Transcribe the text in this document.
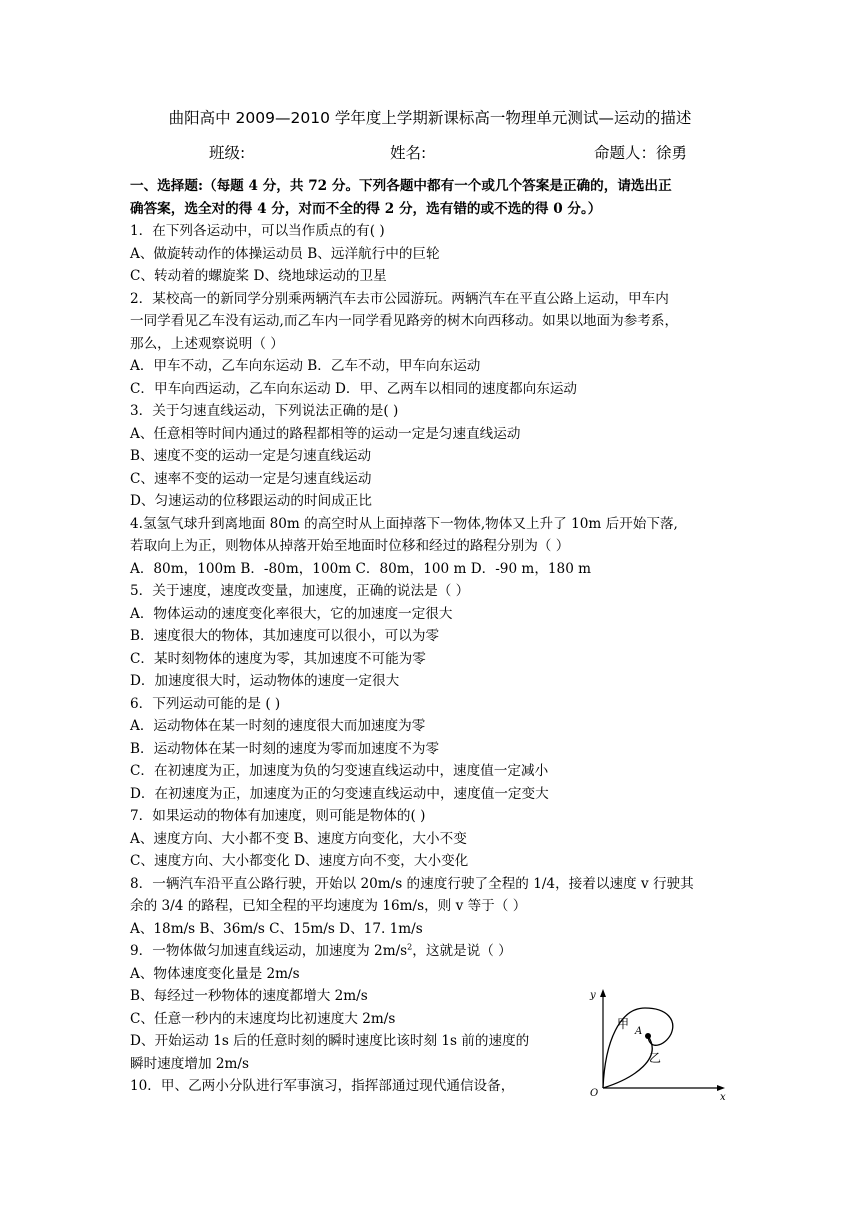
曲阳高中 2009—2010 学年度上学期新课标高一物理单元测试—运动的描述
班级:	姓名:	命题人：徐勇
一、选择题:（每题 4 分，共 72 分。下列各题中都有一个或几个答案是正确的，请选出正
确答案，选全对的得 4 分，对而不全的得 2 分，选有错的或不选的得 0 分。）
1．在下列各运动中，可以当作质点的有( )
A、做旋转动作的体操运动员 B、远洋航行中的巨轮
C、转动着的螺旋桨 D、绕地球运动的卫星
2．某校高一的新同学分别乘两辆汽车去市公园游玩。两辆汽车在平直公路上运动，甲车内
一同学看见乙车没有运动,而乙车内一同学看见路旁的树木向西移动。如果以地面为参考系，
那么，上述观察说明（ ）
A．甲车不动，乙车向东运动 B．乙车不动，甲车向东运动
C．甲车向西运动，乙车向东运动 D．甲、乙两车以相同的速度都向东运动
3．关于匀速直线运动，下列说法正确的是( )
A、任意相等时间内通过的路程都相等的运动一定是匀速直线运动
B、速度不变的运动一定是匀速直线运动
C、速率不变的运动一定是匀速直线运动
D、匀速运动的位移跟运动的时间成正比
4.氢氢气球升到离地面 80m 的高空时从上面掉落下一物体,物体又上升了 10m 后开始下落,
若取向上为正，则物体从掉落开始至地面时位移和经过的路程分别为（ ）
A．80m，100m B．-80m，100m C．80m，100 m D．-90 m，180 m
5．关于速度，速度改变量，加速度，正确的说法是（ ）
A．物体运动的速度变化率很大，它的加速度一定很大
B．速度很大的物体，其加速度可以很小，可以为零
C．某时刻物体的速度为零，其加速度不可能为零
D．加速度很大时，运动物体的速度一定很大
6．下列运动可能的是 ( )
A．运动物体在某一时刻的速度很大而加速度为零
B．运动物体在某一时刻的速度为零而加速度不为零
C．在初速度为正，加速度为负的匀变速直线运动中，速度值一定减小
D．在初速度为正，加速度为正的匀变速直线运动中，速度值一定变大
7．如果运动的物体有加速度，则可能是物体的( )
A、速度方向、大小都不变 B、速度方向变化，大小不变
C、速度方向、大小都变化 D、速度方向不变，大小变化
8．一辆汽车沿平直公路行驶，开始以 20m/s 的速度行驶了全程的 1/4，接着以速度 v 行驶其
余的 3/4 的路程，已知全程的平均速度为 16m/s，则 v 等于（ ）
A、18m/s B、36m/s C、15m/s D、17. 1m/s
9．一物体做匀加速直线运动，加速度为 $2m/s^2$，这就是说（ ）
A、物体速度变化量是 2m/s
B、每经过一秒物体的速度都增大 2m/s
C、任意一秒内的末速度均比初速度大 2m/s
D、开始运动 1s 后的任意时刻的瞬时速度比该时刻 1s 前的速度的
瞬时速度增加 2m/s
10．甲、乙两小分队进行军事演习，指挥部通过现代通信设备，
y
x
O
甲
乙
A
